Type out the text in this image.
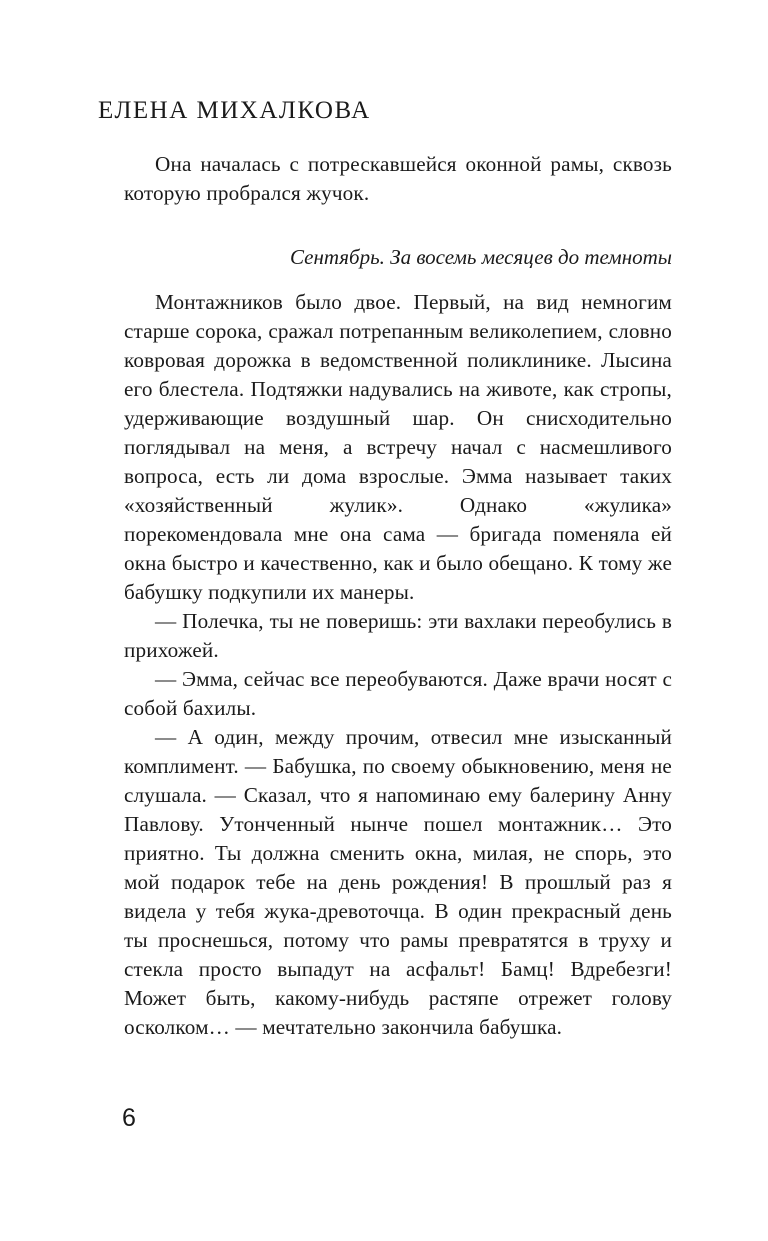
ЕЛЕНА МИХАЛКОВА

Она началась с потрескавшейся оконной рамы, сквозь которую пробрался жучок.

Сентябрь. За восемь месяцев до темноты

Монтажников было двое. Первый, на вид немногим старше сорока, сражал потрепанным великолепием, словно ковровая дорожка в ведомственной поликлинике. Лысина его блестела. Подтяжки надувались на животе, как стропы, удерживающие воздушный шар. Он снисходительно поглядывал на меня, а встречу начал с насмешливого вопроса, есть ли дома взрослые. Эмма называет таких «хозяйственный жулик». Однако «жулика» порекомендовала мне она сама — бригада поменяла ей окна быстро и качественно, как и было обещано. К тому же бабушку подкупили их манеры.

— Полечка, ты не поверишь: эти вахлаки переобулись в прихожей.

— Эмма, сейчас все переобуваются. Даже врачи носят с собой бахилы.

— А один, между прочим, отвесил мне изысканный комплимент. — Бабушка, по своему обыкновению, меня не слушала. — Сказал, что я напоминаю ему балерину Анну Павлову. Утонченный нынче пошел монтажник… Это приятно. Ты должна сменить окна, милая, не спорь, это мой подарок тебе на день рождения! В прошлый раз я видела у тебя жука-древоточца. В один прекрасный день ты проснешься, потому что рамы превратятся в труху и стекла просто выпадут на асфальт! Бамц! Вдребезги! Может быть, какому-нибудь растяпе отрежет голову осколком… — мечтательно закончила бабушка.

6
